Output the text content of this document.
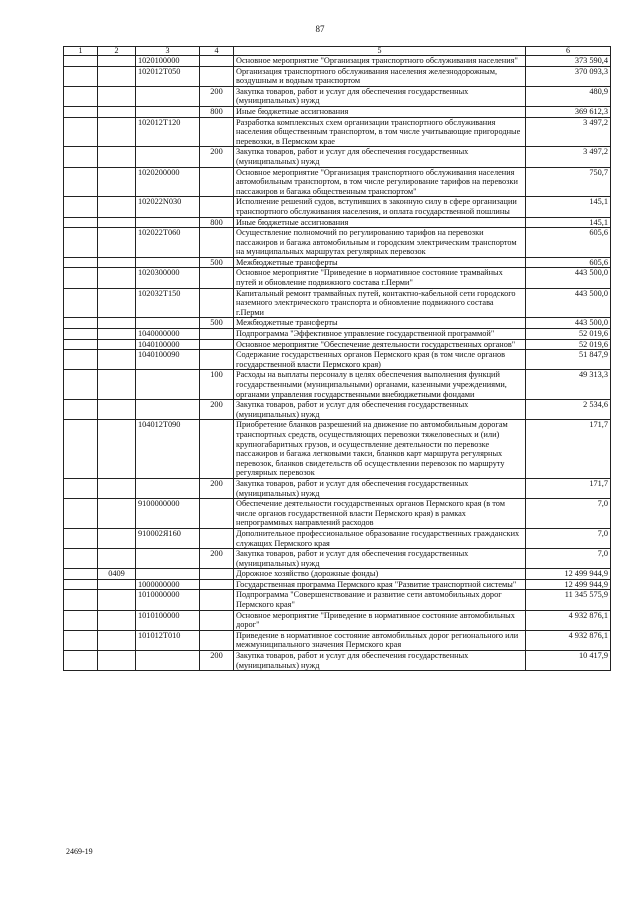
87
1	2	3	4	5	6
		1020100000		Основное мероприятие "Организация транспортного обслуживания населения"	373 590,4
		102012Т050		Организация транспортного обслуживания населения железнодорожным, воздушным и водным транспортом	370 093,3
			200	Закупка товаров, работ и услуг для обеспечения государственных (муниципальных) нужд	480,9
			800	Иные бюджетные ассигнования	369 612,3
		102012Т120		Разработка комплексных схем организации транспортного обслуживания населения общественным транспортом, в том числе учитывающие пригородные перевозки, в Пермском крае	3 497,2
			200	Закупка товаров, работ и услуг для обеспечения государственных (муниципальных) нужд	3 497,2
		1020200000		Основное мероприятие "Организация транспортного обслуживания населения автомобильным транспортом, в том числе регулирование тарифов на перевозки пассажиров и багажа общественным транспортом"	750,7
		102022N030		Исполнение решений судов, вступивших в законную силу в сфере организации транспортного обслуживания населения, и оплата государственной пошлины	145,1
			800	Иные бюджетные ассигнования	145,1
		102022Т060		Осуществление полномочий по регулированию тарифов на перевозки пассажиров и багажа автомобильным и городским электрическим транспортом на муниципальных маршрутах регулярных перевозок	605,6
			500	Межбюджетные трансферты	605,6
		1020300000		Основное мероприятие "Приведение в нормативное состояние трамвайных путей и обновление подвижного состава г.Перми"	443 500,0
		102032Т150		Капитальный ремонт трамвайных путей, контактно-кабельной сети городского наземного электрического транспорта и обновление подвижного состава г.Перми	443 500,0
			500	Межбюджетные трансферты	443 500,0
		1040000000		Подпрограмма "Эффективное управление государственной программой"	52 019,6
		1040100000		Основное мероприятие "Обеспечение деятельности государственных органов"	52 019,6
		1040100090		Содержание государственных органов Пермского края (в том числе органов государственной власти Пермского края)	51 847,9
			100	Расходы на выплаты персоналу в целях обеспечения выполнения функций государственными (муниципальными) органами, казенными учреждениями, органами управления государственными внебюджетными фондами	49 313,3
			200	Закупка товаров, работ и услуг для обеспечения государственных (муниципальных) нужд	2 534,6
		104012Т090		Приобретение бланков разрешений на движение по автомобильным дорогам транспортных средств, осуществляющих перевозки тяжеловесных и (или) крупногабаритных грузов, и осуществление деятельности по перевозке пассажиров и багажа легковыми такси, бланков карт маршрута регулярных перевозок, бланков свидетельств об осуществлении перевозок по маршруту регулярных перевозок	171,7
			200	Закупка товаров, работ и услуг для обеспечения государственных (муниципальных) нужд	171,7
		9100000000		Обеспечение деятельности государственных органов Пермского края (в том числе органов государственной власти Пермского края) в рамках непрограммных направлений расходов	7,0
		910002Я160		Дополнительное профессиональное образование государственных гражданских служащих Пермского края	7,0
			200	Закупка товаров, работ и услуг для обеспечения государственных (муниципальных) нужд	7,0
	0409			Дорожное хозяйство (дорожные фонды)	12 499 944,9
		1000000000		Государственная программа Пермского края "Развитие транспортной системы"	12 499 944,9
		1010000000		Подпрограмма "Совершенствование и развитие сети автомобильных дорог Пермского края"	11 345 575,9
		1010100000		Основное мероприятие "Приведение в нормативное состояние автомобильных дорог"	4 932 876,1
		101012Т010		Приведение в нормативное состояние автомобильных дорог регионального или межмуниципального значения Пермского края	4 932 876,1
			200	Закупка товаров, работ и услуг для обеспечения государственных (муниципальных) нужд	10 417,9
2469-19
